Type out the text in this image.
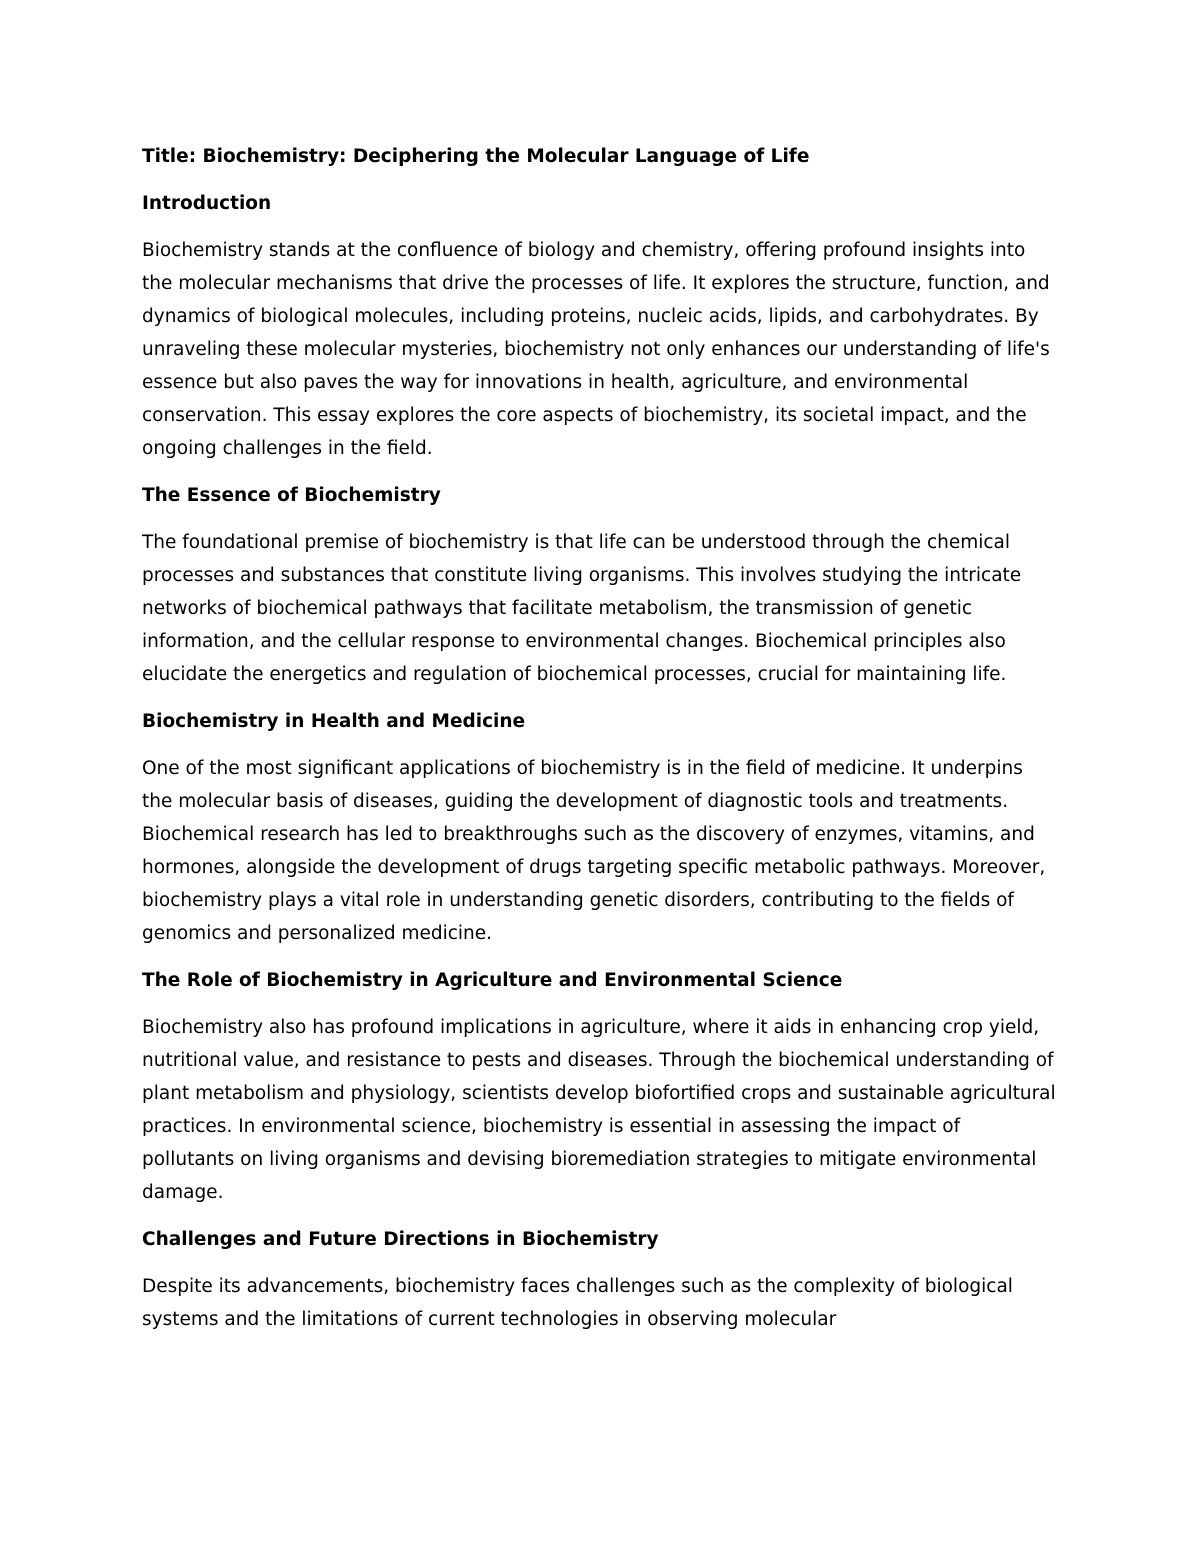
Title: Biochemistry: Deciphering the Molecular Language of Life

Introduction

Biochemistry stands at the confluence of biology and chemistry, offering profound insights into the molecular mechanisms that drive the processes of life. It explores the structure, function, and dynamics of biological molecules, including proteins, nucleic acids, lipids, and carbohydrates. By unraveling these molecular mysteries, biochemistry not only enhances our understanding of life's essence but also paves the way for innovations in health, agriculture, and environmental conservation. This essay explores the core aspects of biochemistry, its societal impact, and the ongoing challenges in the field.

The Essence of Biochemistry

The foundational premise of biochemistry is that life can be understood through the chemical processes and substances that constitute living organisms. This involves studying the intricate networks of biochemical pathways that facilitate metabolism, the transmission of genetic information, and the cellular response to environmental changes. Biochemical principles also elucidate the energetics and regulation of biochemical processes, crucial for maintaining life.

Biochemistry in Health and Medicine

One of the most significant applications of biochemistry is in the field of medicine. It underpins the molecular basis of diseases, guiding the development of diagnostic tools and treatments. Biochemical research has led to breakthroughs such as the discovery of enzymes, vitamins, and hormones, alongside the development of drugs targeting specific metabolic pathways. Moreover, biochemistry plays a vital role in understanding genetic disorders, contributing to the fields of genomics and personalized medicine.

The Role of Biochemistry in Agriculture and Environmental Science

Biochemistry also has profound implications in agriculture, where it aids in enhancing crop yield, nutritional value, and resistance to pests and diseases. Through the biochemical understanding of plant metabolism and physiology, scientists develop biofortified crops and sustainable agricultural practices. In environmental science, biochemistry is essential in assessing the impact of pollutants on living organisms and devising bioremediation strategies to mitigate environmental damage.

Challenges and Future Directions in Biochemistry

Despite its advancements, biochemistry faces challenges such as the complexity of biological systems and the limitations of current technologies in observing molecular
